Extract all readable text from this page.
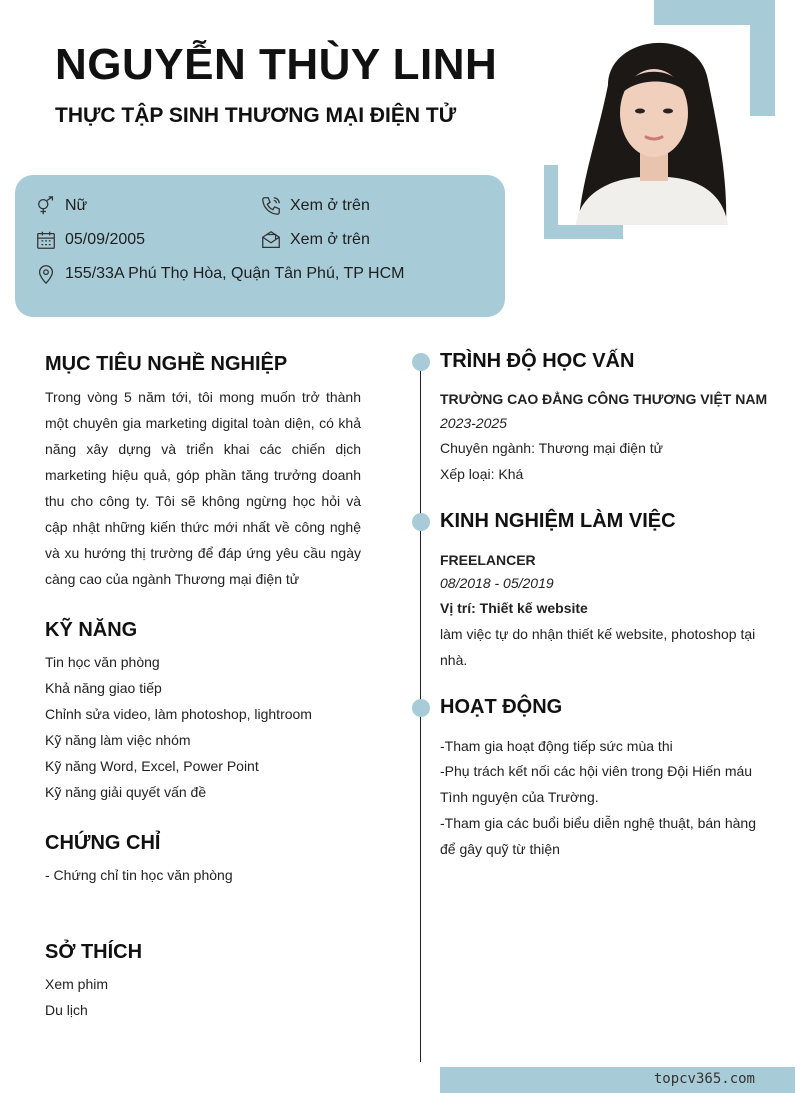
NGUYỄN THÙY LINH
THỰC TẬP SINH THƯƠNG MẠI ĐIỆN TỬ
Nữ	Xem ở trên
05/09/2005	Xem ở trên
155/33A Phú Thọ Hòa, Quận Tân Phú, TP HCM
MỤC TIÊU NGHỀ NGHIỆP
Trong vòng 5 năm tới, tôi mong muốn trở thành một chuyên gia marketing digital toàn diện, có khả năng xây dựng và triển khai các chiến dịch marketing hiệu quả, góp phần tăng trưởng doanh thu cho công ty. Tôi sẽ không ngừng học hỏi và cập nhật những kiến thức mới nhất về công nghệ và xu hướng thị trường để đáp ứng yêu cầu ngày càng cao của ngành Thương mại điện tử
KỸ NĂNG
Tin học văn phòng
Khả năng giao tiếp
Chỉnh sửa video, làm photoshop, lightroom
Kỹ năng làm việc nhóm
Kỹ năng Word, Excel, Power Point
Kỹ năng giải quyết vấn đề
CHỨNG CHỈ
- Chứng chỉ tin học văn phòng
SỞ THÍCH
Xem phim
Du lịch
TRÌNH ĐỘ HỌC VẤN
TRƯỜNG CAO ĐẲNG CÔNG THƯƠNG VIỆT NAM
2023-2025
Chuyên ngành: Thương mại điện tử
Xếp loại: Khá
KINH NGHIỆM LÀM VIỆC
FREELANCER
08/2018 - 05/2019
Vị trí: Thiết kế website
làm việc tự do nhận thiết kế website, photoshop tại
nhà.
HOẠT ĐỘNG
-Tham gia hoạt động tiếp sức mùa thi
-Phụ trách kết nối các hội viên trong Đội Hiến máu
Tình nguyện của Trường.
-Tham gia các buổi biểu diễn nghệ thuật, bán hàng
để gây quỹ từ thiện
topcv365.com
